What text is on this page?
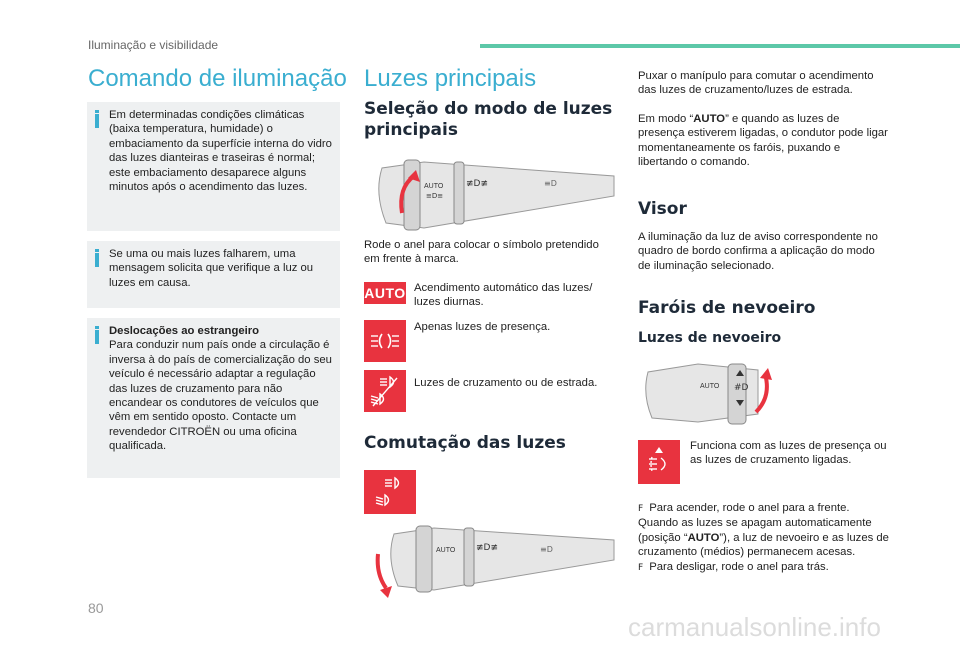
Iluminação e visibilidade
Comando de iluminação

Em determinadas condições climáticas (baixa temperatura, humidade) o embaciamento da superfície interna do vidro das luzes dianteiras e traseiras é normal; este embaciamento desaparece alguns minutos após o acendimento das luzes.

Se uma ou mais luzes falharem, uma mensagem solicita que verifique a luz ou luzes em causa.

Deslocações ao estrangeiro
Para conduzir num país onde a circulação é inversa à do país de comercialização do seu veículo é necessário adaptar a regulação das luzes de cruzamento para não encandear os condutores de veículos que vêm em sentido oposto. Contacte um revendedor CITROËN ou uma oficina qualificada.

Luzes principais
Seleção do modo de luzes principais
AUTO
≡D≡
≢D≢	≡D

Rode o anel para colocar o símbolo pretendido em frente à marca.

AUTO Acendimento automático das luzes/ luzes diurnas.

Apenas luzes de presença.

Luzes de cruzamento ou de estrada.

Comutação das luzes
AUTO ≢D≢	≡D

Puxar o manípulo para comutar o acendimento das luzes de cruzamento/luzes de estrada.

Em modo “AUTO” e quando as luzes de presença estiverem ligadas, o condutor pode ligar momentaneamente os faróis, puxando e libertando o comando.

Visor

A iluminação da luz de aviso correspondente no quadro de bordo confirma a aplicação do modo de iluminação selecionado.

Faróis de nevoeiro
Luzes de nevoeiro
AUTO #D

Funciona com as luzes de presença ou as luzes de cruzamento ligadas.

F Para acender, rode o anel para a frente.
Quando as luzes se apagam automaticamente (posição “AUTO”), a luz de nevoeiro e as luzes de cruzamento (médios) permanecem acesas.
F Para desligar, rode o anel para trás.

80
carmanualsonline.info
